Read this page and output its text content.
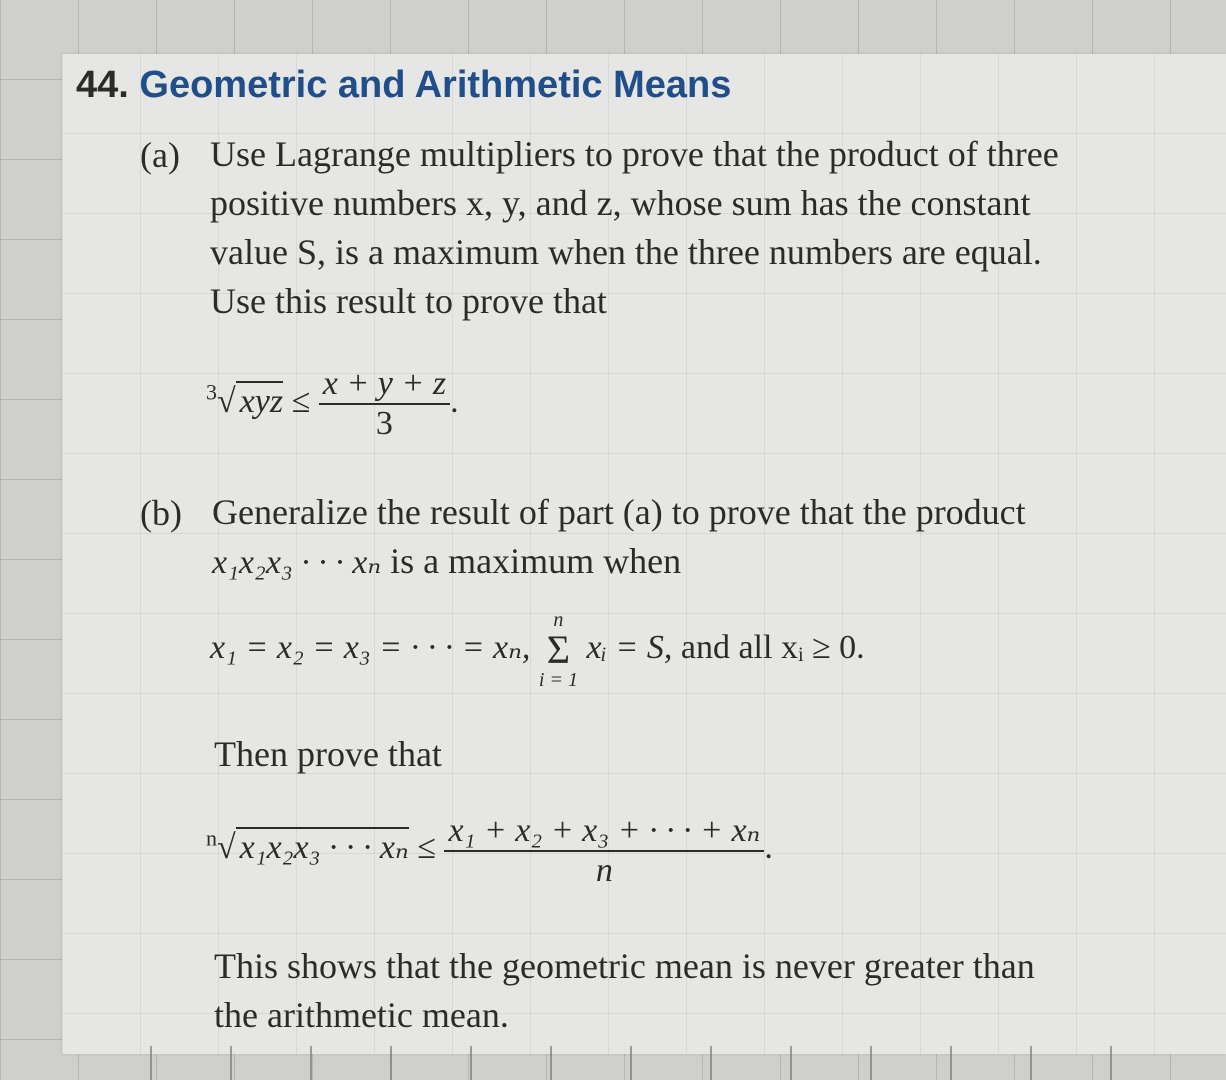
44. Geometric and Arithmetic Means
(a) Use Lagrange multipliers to prove that the product of three
positive numbers x, y, and z, whose sum has the constant
value S, is a maximum when the three numbers are equal.
Use this result to prove that
$^3$√ xyz ≤ $\frac{x + y + z}{3}$ .
(b) Generalize the result of part (a) to prove that the product
x₁x₂x₃ · · · xₙ is a maximum when
x₁ = x₂ = x₃ = · · · = xₙ,
n
Σ
i = 1
xᵢ = S, and all xᵢ ≥ 0.
Then prove that
$^n$√ x₁x₂x₃ · · · $x_n \le \frac{\text{x₁ + x₂ + x₃ + · · · + xₙ}}{n}$ .
This shows that the geometric mean is never greater than
the arithmetic mean.
